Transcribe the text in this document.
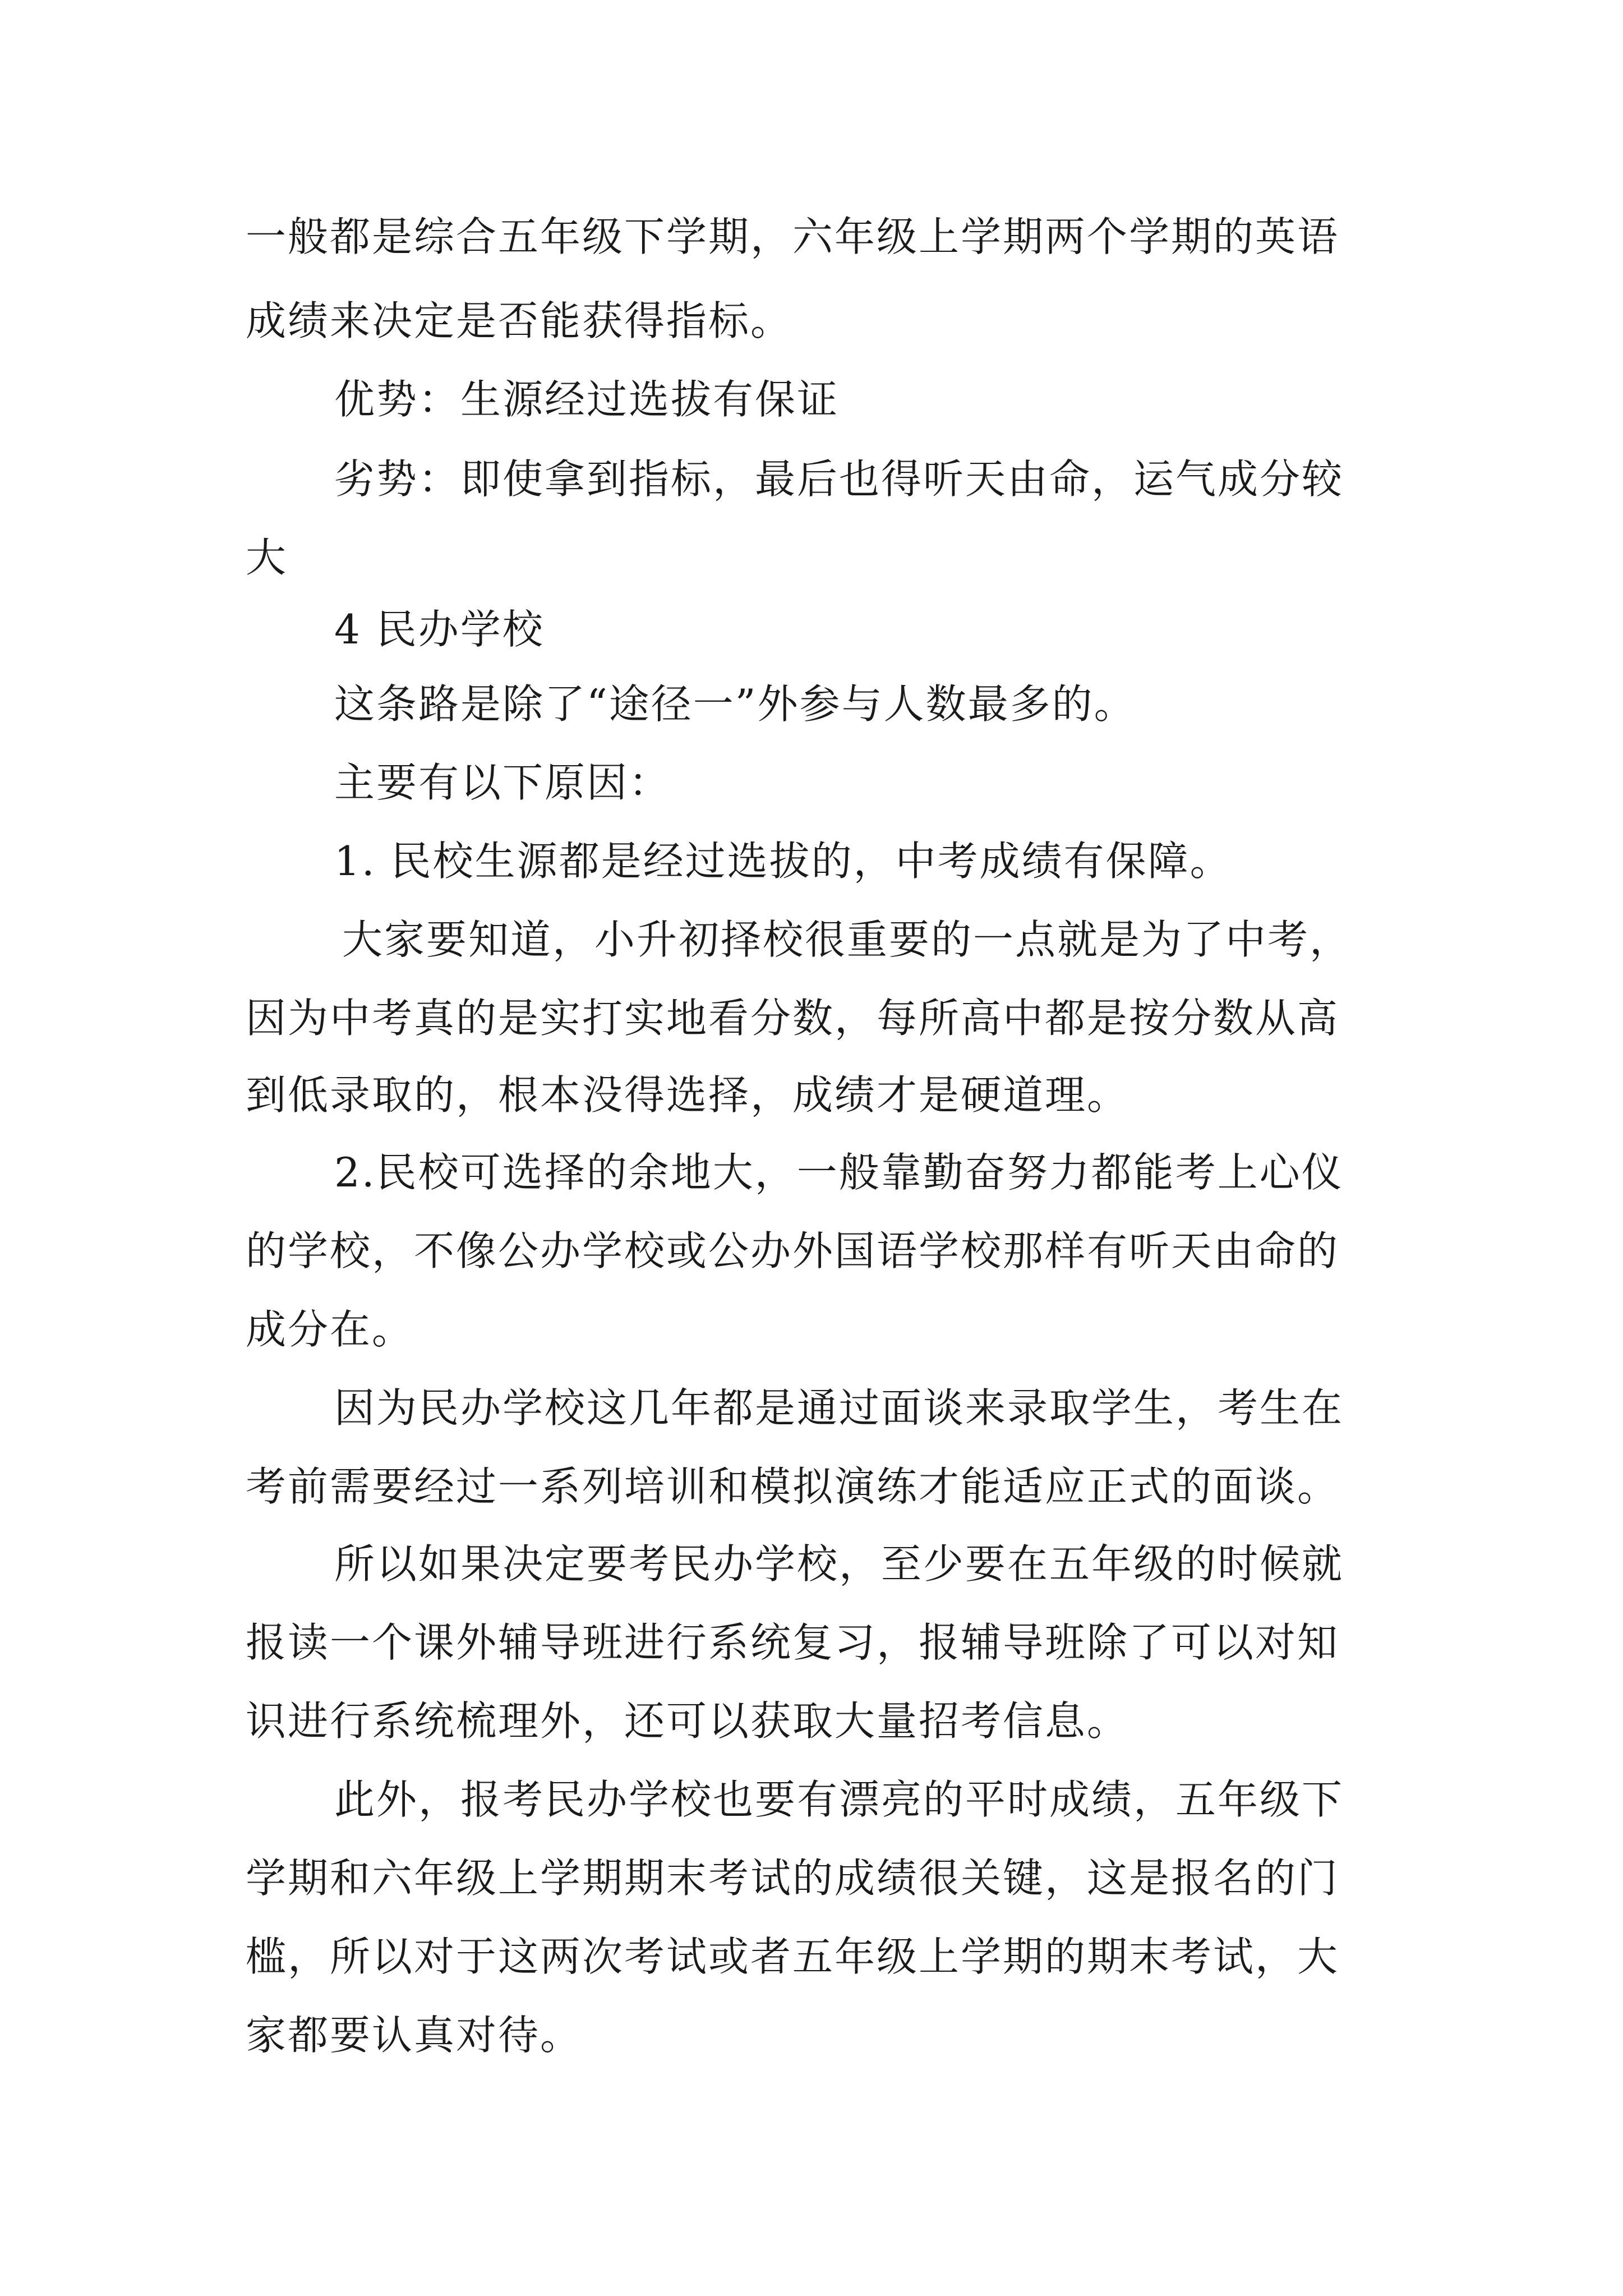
一般都是综合五年级下学期，六年级上学期两个学期的英语
成绩来决定是否能获得指标。
优势：生源经过选拔有保证
劣势：即使拿到指标，最后也得听天由命，运气成分较
大
4 民办学校
这条路是除了“途径一”外参与人数最多的。
主要有以下原因：
1. 民校生源都是经过选拔的，中考成绩有保障。
大家要知道，小升初择校很重要的一点就是为了中考，
因为中考真的是实打实地看分数，每所高中都是按分数从高
到低录取的，根本没得选择，成绩才是硬道理。
2.民校可选择的余地大，一般靠勤奋努力都能考上心仪
的学校，不像公办学校或公办外国语学校那样有听天由命的
成分在。
因为民办学校这几年都是通过面谈来录取学生，考生在
考前需要经过一系列培训和模拟演练才能适应正式的面谈。
所以如果决定要考民办学校，至少要在五年级的时候就
报读一个课外辅导班进行系统复习，报辅导班除了可以对知
识进行系统梳理外，还可以获取大量招考信息。
此外，报考民办学校也要有漂亮的平时成绩，五年级下
学期和六年级上学期期末考试的成绩很关键，这是报名的门
槛，所以对于这两次考试或者五年级上学期的期末考试，大
家都要认真对待。
